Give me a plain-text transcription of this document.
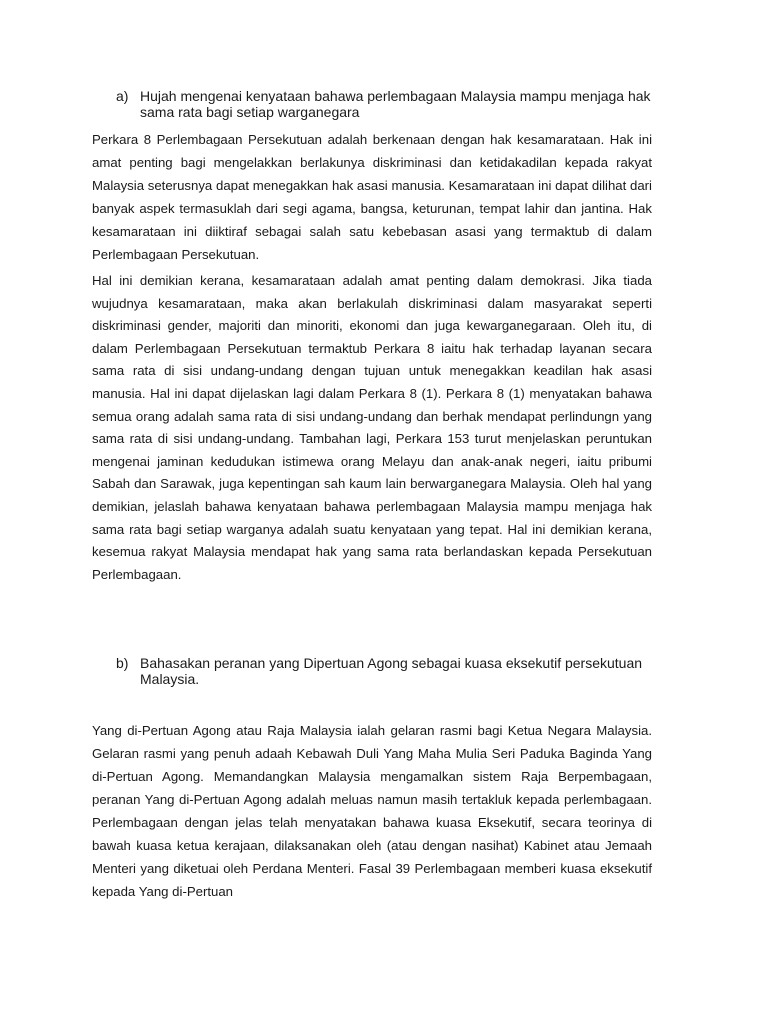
a) Hujah mengenai kenyataan bahawa perlembagaan Malaysia mampu menjaga hak sama rata bagi setiap warganegara

Perkara 8 Perlembagaan Persekutuan adalah berkenaan dengan hak kesamarataan. Hak ini amat penting bagi mengelakkan berlakunya diskriminasi dan ketidakadilan kepada rakyat Malaysia seterusnya dapat menegakkan hak asasi manusia. Kesamarataan ini dapat dilihat dari banyak aspek termasuklah dari segi agama, bangsa, keturunan, tempat lahir dan jantina. Hak kesamarataan ini diiktiraf sebagai salah satu kebebasan asasi yang termaktub di dalam Perlembagaan Persekutuan.

Hal ini demikian kerana, kesamarataan adalah amat penting dalam demokrasi. Jika tiada wujudnya kesamarataan, maka akan berlakulah diskriminasi dalam masyarakat seperti diskriminasi gender, majoriti dan minoriti, ekonomi dan juga kewarganegaraan. Oleh itu, di dalam Perlembagaan Persekutuan termaktub Perkara 8 iaitu hak terhadap layanan secara sama rata di sisi undang-undang dengan tujuan untuk menegakkan keadilan hak asasi manusia. Hal ini dapat dijelaskan lagi dalam Perkara 8 (1). Perkara 8 (1) menyatakan bahawa semua orang adalah sama rata di sisi undang-undang dan berhak mendapat perlindungn yang sama rata di sisi undang-undang. Tambahan lagi, Perkara 153 turut menjelaskan peruntukan mengenai jaminan kedudukan istimewa orang Melayu dan anak-anak negeri, iaitu pribumi Sabah dan Sarawak, juga kepentingan sah kaum lain berwarganegara Malaysia. Oleh hal yang demikian, jelaslah bahawa kenyataan bahawa perlembagaan Malaysia mampu menjaga hak sama rata bagi setiap warganya adalah suatu kenyataan yang tepat. Hal ini demikian kerana, kesemua rakyat Malaysia mendapat hak yang sama rata berlandaskan kepada Persekutuan Perlembagaan.

b) Bahasakan peranan yang Dipertuan Agong sebagai kuasa eksekutif persekutuan Malaysia.

Yang di-Pertuan Agong atau Raja Malaysia ialah gelaran rasmi bagi Ketua Negara Malaysia. Gelaran rasmi yang penuh adaah Kebawah Duli Yang Maha Mulia Seri Paduka Baginda Yang di-Pertuan Agong. Memandangkan Malaysia mengamalkan sistem Raja Berpembagaan, peranan Yang di-Pertuan Agong adalah meluas namun masih tertakluk kepada perlembagaan. Perlembagaan dengan jelas telah menyatakan bahawa kuasa Eksekutif, secara teorinya di bawah kuasa ketua kerajaan, dilaksanakan oleh (atau dengan nasihat) Kabinet atau Jemaah Menteri yang diketuai oleh Perdana Menteri. Fasal 39 Perlembagaan memberi kuasa eksekutif kepada Yang di-Pertuan
